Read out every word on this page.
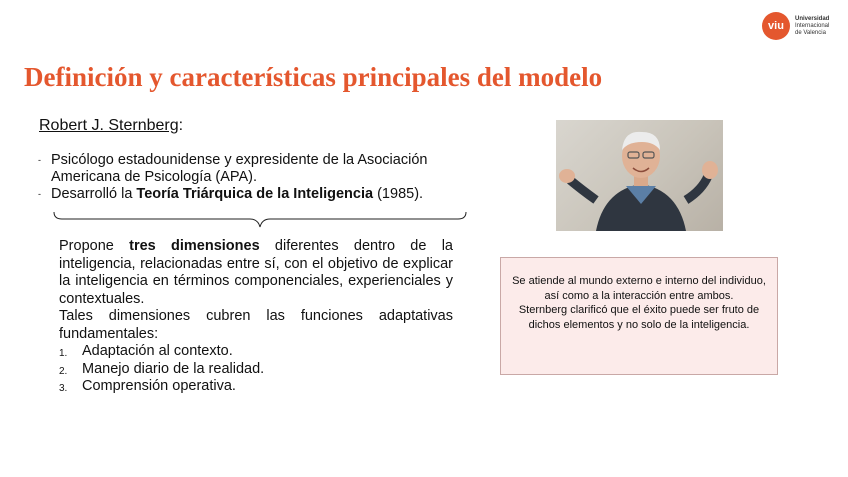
viu
Universidad
Internacional
de Valencia
Definición y características principales del modelo
Robert J. Sternberg:
- Psicólogo estadounidense y expresidente de la Asociación Americana de Psicología (APA).
- Desarrolló la Teoría Triárquica de la Inteligencia (1985).

Propone tres dimensiones diferentes dentro de la inteligencia, relacionadas entre sí, con el objetivo de explicar la inteligencia en términos componenciales, experienciales y contextuales.

Tales dimensiones cubren las funciones adaptativas fundamentales:

1. Adaptación al contexto.
2. Manejo diario de la realidad.
3. Comprensión operativa.

Se atiende al mundo externo e interno del individuo, así como a la interacción entre ambos.

Sternberg clarificó que el éxito puede ser fruto de dichos elementos y no solo de la inteligencia.
